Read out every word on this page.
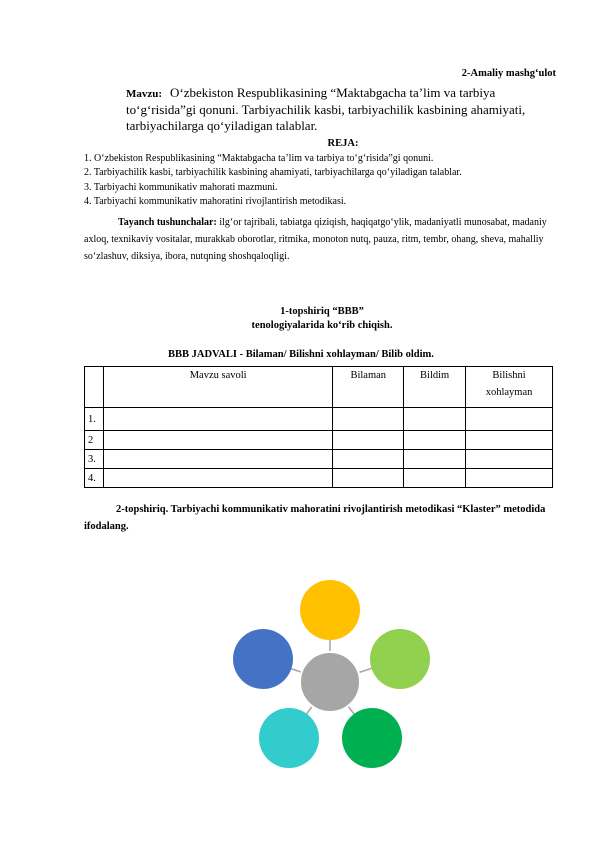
2-Amaliy mashg‘ulot
Mavzu: O‘zbekiston Respublikasining “Maktabgacha ta’lim va tarbiya to‘g‘risida”gi qonuni. Tarbiyachilik kasbi, tarbiyachilik kasbining ahamiyati, tarbiyachilarga qo‘yiladigan talablar.
REJA:
1. O‘zbekiston Respublikasining “Maktabgacha ta’lim va tarbiya to‘g‘risida”gi qonuni.
2. Tarbiyachilik kasbi, tarbiyachilik kasbining ahamiyati, tarbiyachilarga qo‘yiladigan talablar.
3. Tarbiyachi kommunikativ mahorati mazmuni.
4. Tarbiyachi kommunikativ mahoratini rivojlantirish metodikasi.
Tayanch tushunchalar: ilg‘or tajribali, tabiatga qiziqish, haqiqatgo‘ylik, madaniyatli munosabat, madaniy axloq, texnikaviy vositalar, murakkab oborotlar, ritmika, monoton nutq, pauza, ritm, tembr, ohang, sheva, mahalliy so‘zlashuv, diksiya, ibora, nutqning shoshqaloqligi.
1-topshiriq “BBB”
tenologiyalarida ko‘rib chiqish.
BBB JADVALI - Bilaman/ Bilishni xohlayman/ Bilib oldim.
	Mavzu savoli	Bilaman	Bildim	Bilishni xohlayman
1.				
2				
3.				
4.				
2-topshiriq. Tarbiyachi kommunikativ mahoratini rivojlantirish metodikasi “Klaster” metodida ifodalang.
